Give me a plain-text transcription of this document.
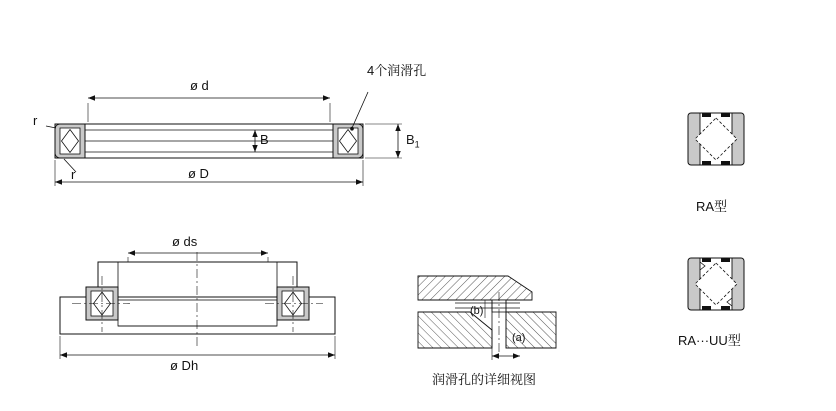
ø d
ø D
B	$B_1$
r
r
4个润滑孔
ø ds
ø Dh
(b)
(a)
润滑孔的详细视图
RA型
RA···UU型
